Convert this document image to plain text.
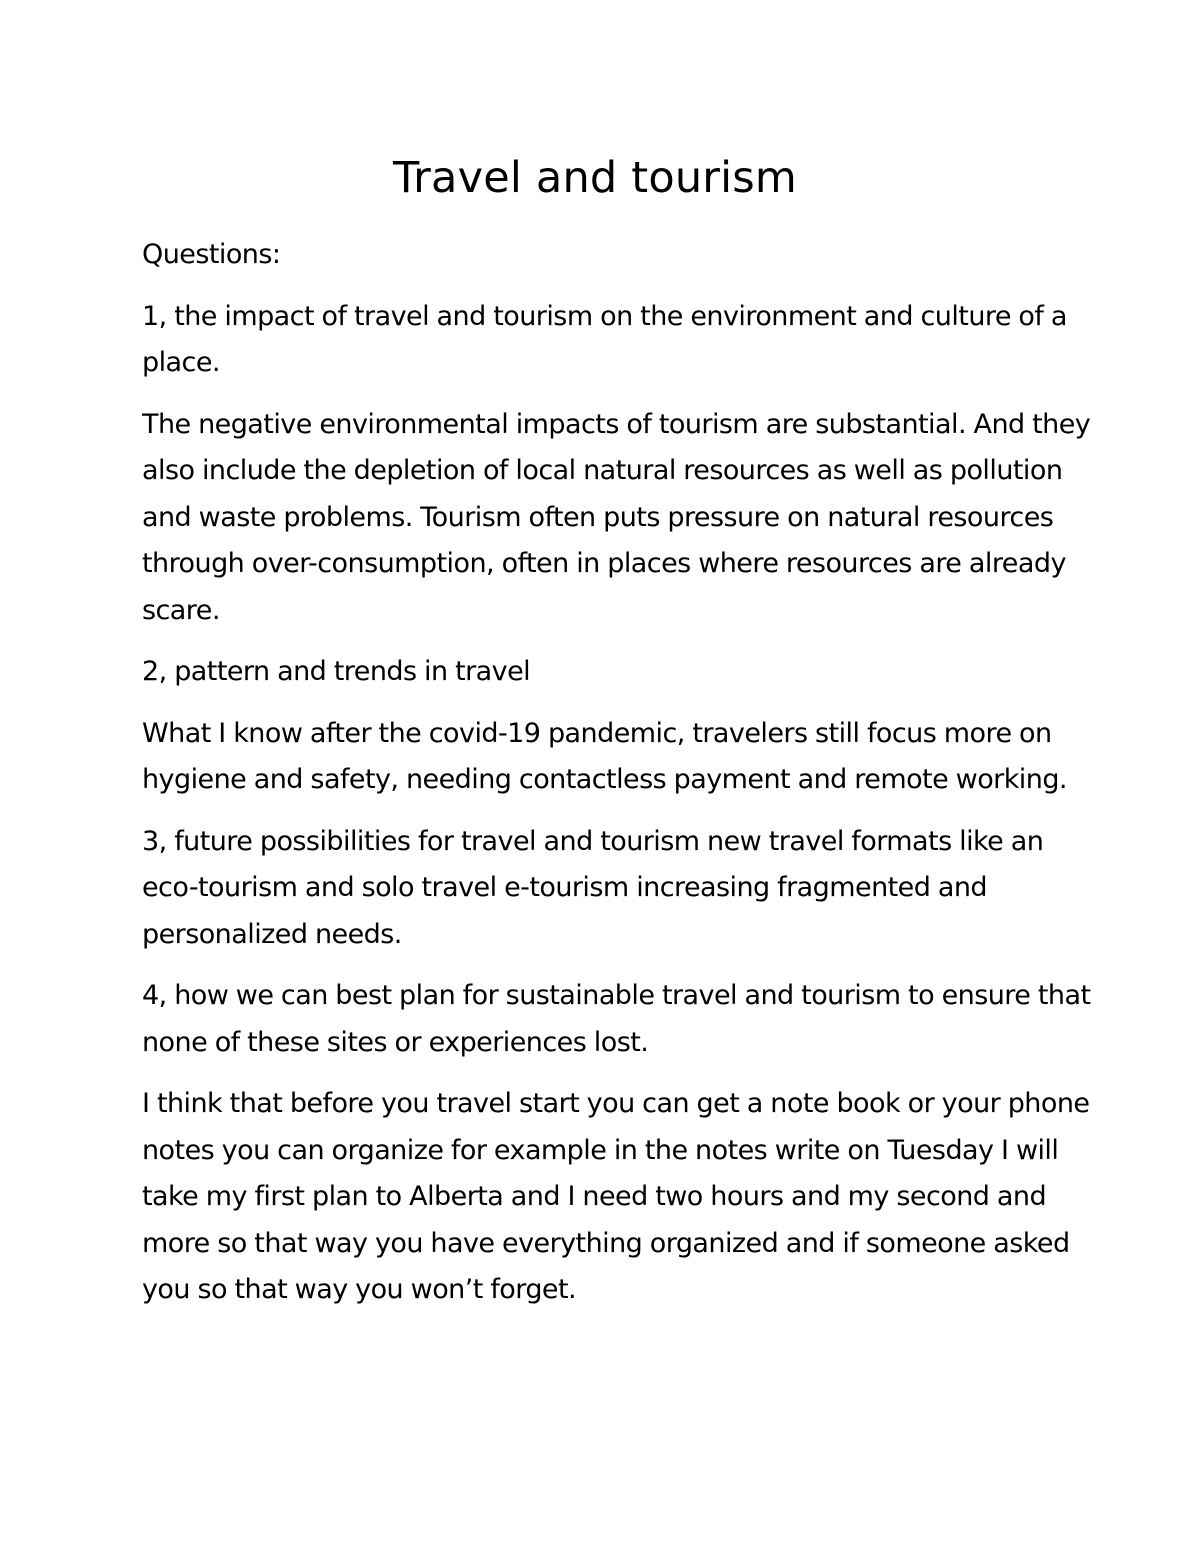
Travel and tourism

Questions:

1, the impact of travel and tourism on the environment and culture of a place.

The negative environmental impacts of tourism are substantial. And they also include the depletion of local natural resources as well as pollution and waste problems. Tourism often puts pressure on natural resources through over-consumption, often in places where resources are already scare.

2, pattern and trends in travel

What I know after the covid-19 pandemic, travelers still focus more on hygiene and safety, needing contactless payment and remote working.

3, future possibilities for travel and tourism new travel formats like an eco-tourism and solo travel e-tourism increasing fragmented and personalized needs.

4, how we can best plan for sustainable travel and tourism to ensure that none of these sites or experiences lost.

I think that before you travel start you can get a note book or your phone notes you can organize for example in the notes write on Tuesday I will take my first plan to Alberta and I need two hours and my second and more so that way you have everything organized and if someone asked you so that way you won’t forget.
